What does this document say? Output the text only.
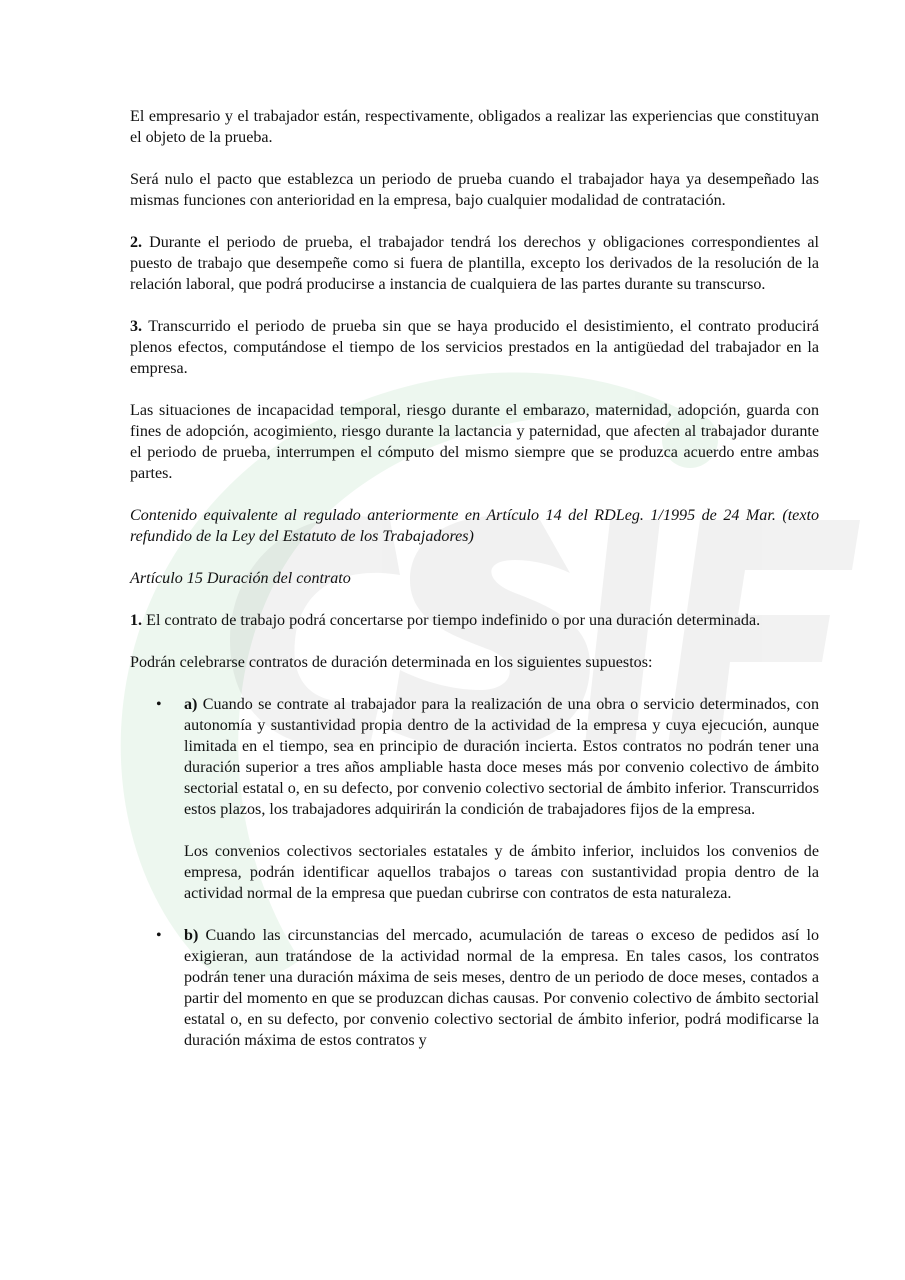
El empresario y el trabajador están, respectivamente, obligados a realizar las experiencias que constituyan el objeto de la prueba.

Será nulo el pacto que establezca un periodo de prueba cuando el trabajador haya ya desempeñado las mismas funciones con anterioridad en la empresa, bajo cualquier modalidad de contratación.

2. Durante el periodo de prueba, el trabajador tendrá los derechos y obligaciones correspondientes al puesto de trabajo que desempeñe como si fuera de plantilla, excepto los derivados de la resolución de la relación laboral, que podrá producirse a instancia de cualquiera de las partes durante su transcurso.

3. Transcurrido el periodo de prueba sin que se haya producido el desistimiento, el contrato producirá plenos efectos, computándose el tiempo de los servicios prestados en la antigüedad del trabajador en la empresa.

Las situaciones de incapacidad temporal, riesgo durante el embarazo, maternidad, adopción, guarda con fines de adopción, acogimiento, riesgo durante la lactancia y paternidad, que afecten al trabajador durante el periodo de prueba, interrumpen el cómputo del mismo siempre que se produzca acuerdo entre ambas partes.

Contenido equivalente al regulado anteriormente en Artículo 14 del RDLeg. 1/1995 de 24 Mar. (texto refundido de la Ley del Estatuto de los Trabajadores)

Artículo 15 Duración del contrato

1. El contrato de trabajo podrá concertarse por tiempo indefinido o por una duración determinada.

Podrán celebrarse contratos de duración determinada en los siguientes supuestos:

• a) Cuando se contrate al trabajador para la realización de una obra o servicio determinados, con autonomía y sustantividad propia dentro de la actividad de la empresa y cuya ejecución, aunque limitada en el tiempo, sea en principio de duración incierta. Estos contratos no podrán tener una duración superior a tres años ampliable hasta doce meses más por convenio colectivo de ámbito sectorial estatal o, en su defecto, por convenio colectivo sectorial de ámbito inferior. Transcurridos estos plazos, los trabajadores adquirirán la condición de trabajadores fijos de la empresa.

Los convenios colectivos sectoriales estatales y de ámbito inferior, incluidos los convenios de empresa, podrán identificar aquellos trabajos o tareas con sustantividad propia dentro de la actividad normal de la empresa que puedan cubrirse con contratos de esta naturaleza.

• b) Cuando las circunstancias del mercado, acumulación de tareas o exceso de pedidos así lo exigieran, aun tratándose de la actividad normal de la empresa. En tales casos, los contratos podrán tener una duración máxima de seis meses, dentro de un periodo de doce meses, contados a partir del momento en que se produzcan dichas causas. Por convenio colectivo de ámbito sectorial estatal o, en su defecto, por convenio colectivo sectorial de ámbito inferior, podrá modificarse la duración máxima de estos contratos y
